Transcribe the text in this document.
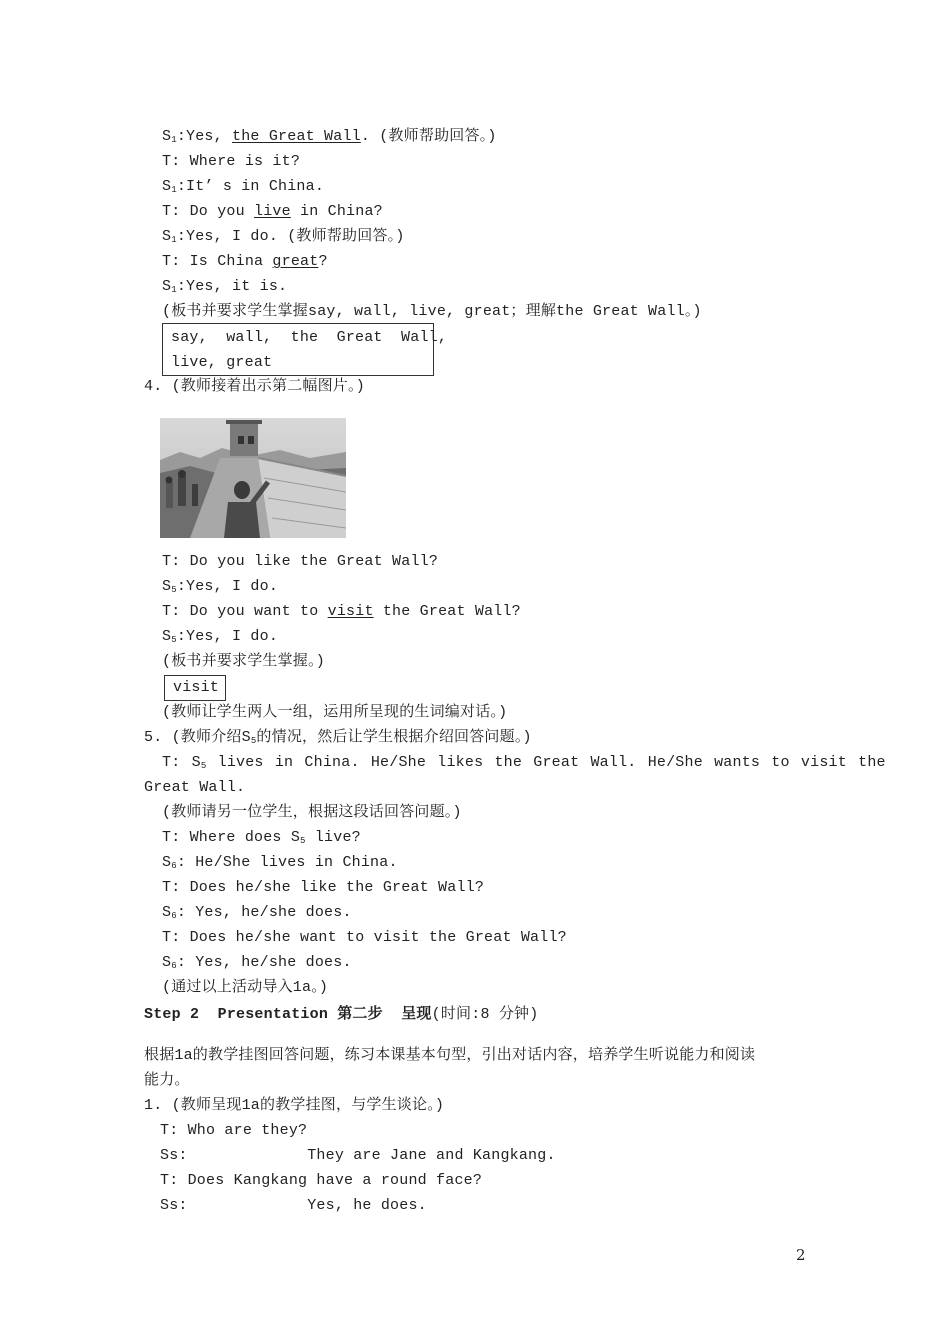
$S_1:Yes$, the Great Wall. (教师帮助回答。)
T: Where is it?
$S_1:It$’ s in China.
T: Do you live in China?
$S_1:Yes$, I do. (教师帮助回答。)
T: Is China great?
$S_1:Yes$, it is.
(板书并要求学生掌握say, wall, live, great；理解the Great Wall。)
say,  wall,  the  Great  Wall,
live, great
4. (教师接着出示第二幅图片。)
T: Do you like the Great Wall?
$S_5:Yes$, I do.
T: Do you want to visit the Great Wall?
$S_5:Yes$, I do.
(板书并要求学生掌握。)
visit
(教师让学生两人一组，运用所呈现的生词编对话。)
5. (教师介绍$S_5$的情况，然后让学生根据介绍回答问题。)
T: $S_5$ lives in China. He/She likes the Great Wall. He/She wants to visit the
Great Wall.
(教师请另一位学生，根据这段话回答问题。)
T: Where does $S_5$ live?
$S_6$: He/She lives in China.
T: Does he/she like the Great Wall?
$S_6$: Yes, he/she does.
T: Does he/she want to visit the Great Wall?
$S_6$: Yes, he/she does.
(通过以上活动导入1a。)
Step 2  Presentation 第二步  呈现(时间:8 分钟)
根据1a的教学挂图回答问题，练习本课基本句型，引出对话内容，培养学生听说能力和阅读
能力。
1. (教师呈现1a的教学挂图，与学生谈论。)
T: Who are they?
Ss:             They are Jane and Kangkang.
T: Does Kangkang have a round face?
Ss:             Yes, he does.
2
